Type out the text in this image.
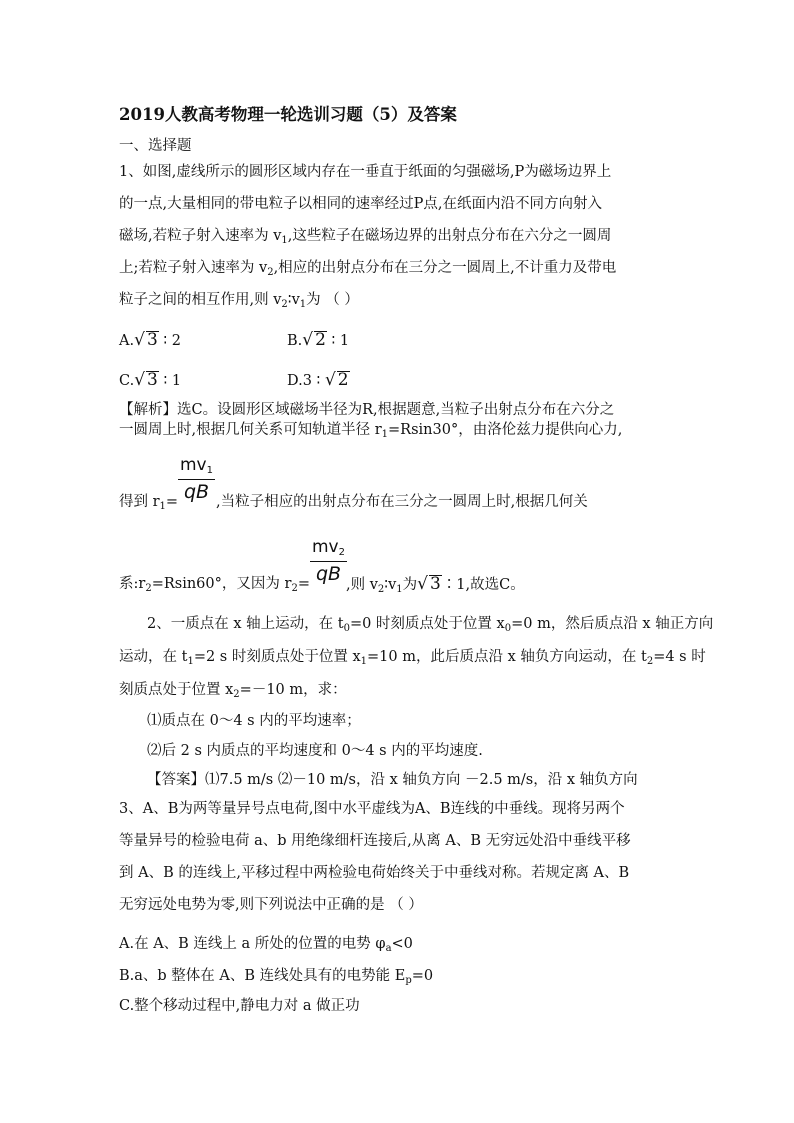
2019人教高考物理一轮选训习题（5）及答案
一、选择题
1、如图,虚线所示的圆形区域内存在一垂直于纸面的匀强磁场,P为磁场边界上
的一点,大量相同的带电粒子以相同的速率经过P点,在纸面内沿不同方向射入
磁场,若粒子射入速率为 $v_1$,这些粒子在磁场边界的出射点分布在六分之一圆周
上;若粒子射入速率为 $v_2$,相应的出射点分布在三分之一圆周上,不计重力及带电
粒子之间的相互作用,则 $v_2∶v_1$为 （ ）
A.√ 3 ∶ 2	B.√ 2 ∶ 1
C.√ 3 ∶ 1	D.3 ∶ √ 2
【解析】选C。设圆形区域磁场半径为R,根据题意,当粒子出射点分布在六分之
一圆周上时,根据几何关系可知轨道半径 $r_1=Rsin30^\circ$，由洛伦兹力提供向心力,
$\frac{mv_1}{qB}$
得到 $r_1=$	,当粒子相应的出射点分布在三分之一圆周上时,根据几何关
$\frac{mv_2}{qB}$
系$:r_2=Rsin60^\circ$，又因为 $r_2=$ ,则 $v_2∶v_1$为√ 3∶1,故选C。
2、一质点在 x 轴上运动，在 $t_0=0$ 时刻质点处于位置 $x_0=0$ m，然后质点沿 x 轴正方向
运动，在 $t_1=2$ s 时刻质点处于位置 $x_1=10$ m，此后质点沿 x 轴负方向运动，在 $t_2=4$ s 时
刻质点处于位置 $x_2=-10$ m，求：
⑴质点在 0～4 s 内的平均速率；
⑵后 2 s 内质点的平均速度和 0～4 s 内的平均速度.
【答案】⑴7.5 m/s ⑵－10 m/s，沿 x 轴负方向 －2.5 m/s，沿 x 轴负方向
3、A、B为两等量异号点电荷,图中水平虚线为A、B连线的中垂线。现将另两个
等量异号的检验电荷 a、b 用绝缘细杆连接后,从离 A、B 无穷远处沿中垂线平移
到 A、B 的连线上,平移过程中两检验电荷始终关于中垂线对称。若规定离 A、B
无穷远处电势为零,则下列说法中正确的是 （ ）
A.在 A、B 连线上 a 所处的位置的电势 $\varphi_a<0$
B.a、b 整体在 A、B 连线处具有的电势能 $E_p=0$
C.整个移动过程中,静电力对 a 做正功
